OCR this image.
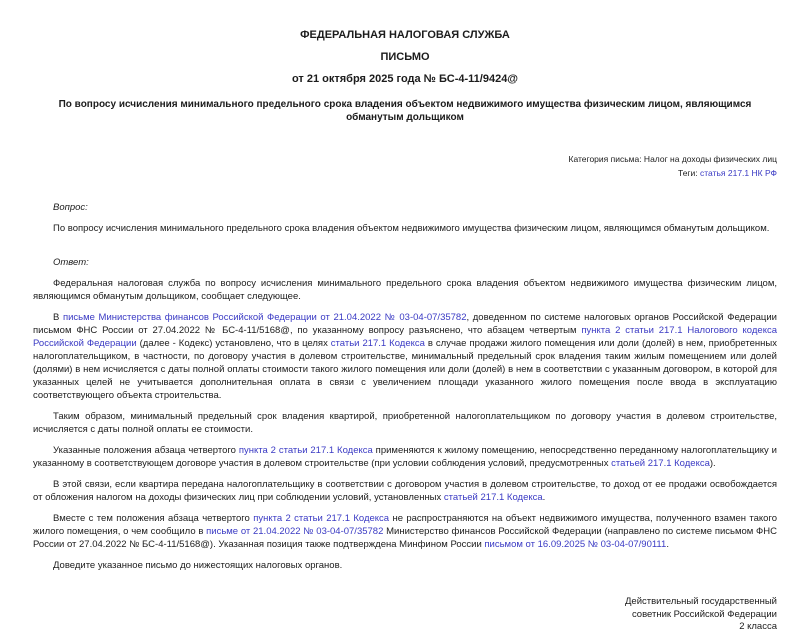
ФЕДЕРАЛЬНАЯ НАЛОГОВАЯ СЛУЖБА
ПИСЬМО
от 21 октября 2025 года № БС-4-11/9424@
По вопросу исчисления минимального предельного срока владения объектом недвижимого имущества физическим лицом, являющимся обманутым дольщиком
Категория письма: Налог на доходы физических лиц
Теги: статья 217.1 НК РФ

Вопрос:

По вопросу исчисления минимального предельного срока владения объектом недвижимого имущества физическим лицом, являющимся обманутым дольщиком.

Ответ:

Федеральная налоговая служба по вопросу исчисления минимального предельного срока владения объектом недвижимого имущества физическим лицом, являющимся обманутым дольщиком, сообщает следующее.

В письме Министерства финансов Российской Федерации от 21.04.2022 № 03-04-07/35782, доведенном по системе налоговых органов Российской Федерации письмом ФНС России от 27.04.2022 № БС-4-11/5168@, по указанному вопросу разъяснено, что абзацем четвертым пункта 2 статьи 217.1 Налогового кодекса Российской Федерации (далее - Кодекс) установлено, что в целях статьи 217.1 Кодекса в случае продажи жилого помещения или доли (долей) в нем, приобретенных налогоплательщиком, в частности, по договору участия в долевом строительстве, минимальный предельный срок владения таким жилым помещением или долей (долями) в нем исчисляется с даты полной оплаты стоимости такого жилого помещения или доли (долей) в нем в соответствии с указанным договором, в которой для указанных целей не учитывается дополнительная оплата в связи с увеличением площади указанного жилого помещения после ввода в эксплуатацию соответствующего объекта строительства.

Таким образом, минимальный предельный срок владения квартирой, приобретенной налогоплательщиком по договору участия в долевом строительстве, исчисляется с даты полной оплаты ее стоимости.

Указанные положения абзаца четвертого пункта 2 статьи 217.1 Кодекса применяются к жилому помещению, непосредственно переданному налогоплательщику и указанному в соответствующем договоре участия в долевом строительстве (при условии соблюдения условий, предусмотренных статьей 217.1 Кодекса).

В этой связи, если квартира передана налогоплательщику в соответствии с договором участия в долевом строительстве, то доход от ее продажи освобождается от обложения налогом на доходы физических лиц при соблюдении условий, установленных статьей 217.1 Кодекса.

Вместе с тем положения абзаца четвертого пункта 2 статьи 217.1 Кодекса не распространяются на объект недвижимого имущества, полученного взамен такого жилого помещения, о чем сообщило в письме от 21.04.2022 № 03-04-07/35782 Министерство финансов Российской Федерации (направлено по системе письмом ФНС России от 27.04.2022 № БС-4-11/5168@). Указанная позиция также подтверждена Минфином России письмом от 16.09.2025 № 03-04-07/90111.

Доведите указанное письмо до нижестоящих налоговых органов.

Действительный государственный
советник Российской Федерации
2 класса
